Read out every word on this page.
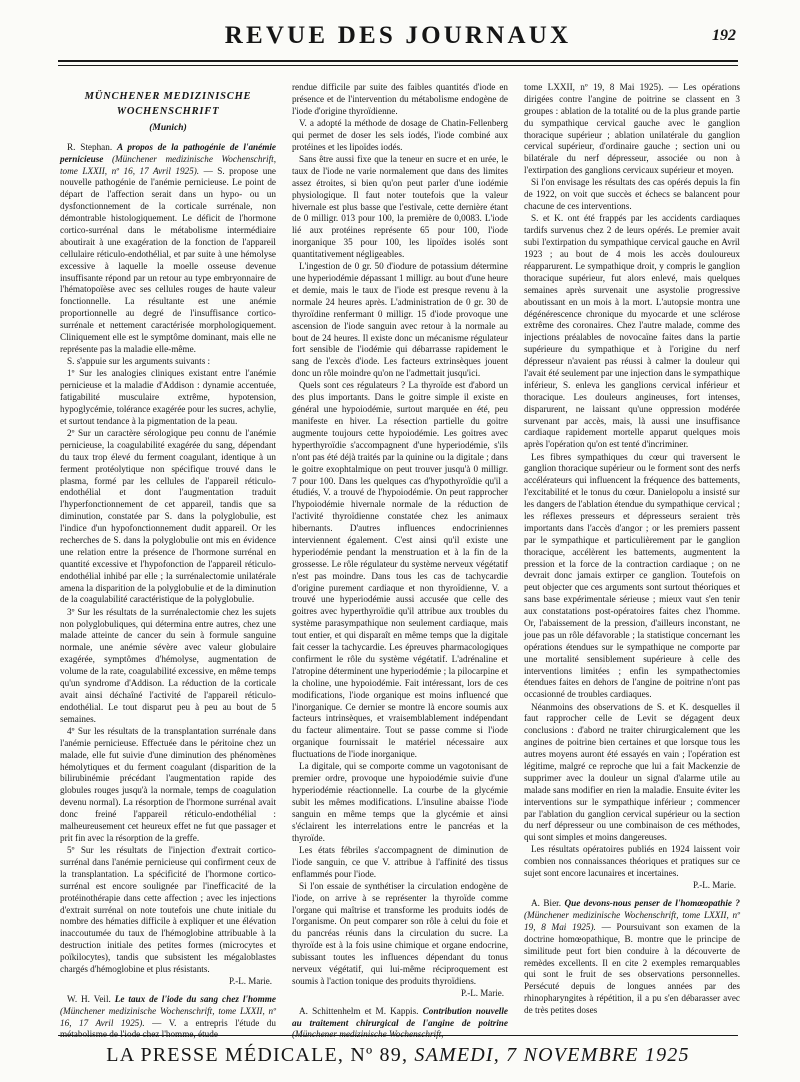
REVUE DES JOURNAUX	192
MÜNCHENER MEDIZINISCHE WOCHENSCHRIFT
(Munich)

R. Stephan. A propos de la pathogénie de l'anémie pernicieuse (Münchener medizinische Wochenschrift, tome LXXII, nº 16, 17 Avril 1925). — S. propose une nouvelle pathogénie de l'anémie pernicieuse. Le point de départ de l'affection serait dans un hypo- ou un dysfonctionnement de la corticale surrénale, non démontrable histologiquement. Le déficit de l'hormone cortico-surrénal dans le métabolisme intermédiaire aboutirait à une exagération de la fonction de l'appareil cellulaire réticulo-endothélial, et par suite à une hémolyse excessive à laquelle la moelle osseuse devenue insuffisante répond par un retour au type embryonnaire de l'hématopoïèse avec ses cellules rouges de haute valeur fonctionnelle. La résultante est une anémie proportionnelle au degré de l'insuffisance cortico-surrénale et nettement caractérisée morphologiquement. Cliniquement elle est le symptôme dominant, mais elle ne représente pas la maladie elle-même.

S. s'appuie sur les arguments suivants :

1º Sur les analogies cliniques existant entre l'anémie pernicieuse et la maladie d'Addison : dynamie accentuée, fatigabilité musculaire extrême, hypotension, hypoglycémie, tolérance exagérée pour les sucres, achylie, et surtout tendance à la pigmentation de la peau.

2º Sur un caractère sérologique peu connu de l'anémie pernicieuse, la coagulabilité exagérée du sang, dépendant du taux trop élevé du ferment coagulant, identique à un ferment protéolytique non spécifique trouvé dans le plasma, formé par les cellules de l'appareil réticulo-endothélial et dont l'augmentation traduit l'hyperfonctionnement de cet appareil, tandis que sa diminution, constatée par S. dans la polyglobulie, est l'indice d'un hypofonctionnement dudit appareil. Or les recherches de S. dans la polyglobulie ont mis en évidence une relation entre la présence de l'hormone surrénal en quantité excessive et l'hypofonction de l'appareil réticulo-endothélial inhibé par elle ; la surrénalectomie unilatérale amena la disparition de la polyglobulie et de la diminution de la coagulabilité caractéristique de la polyglobulie.

3º Sur les résultats de la surrénalectomie chez les sujets non polyglobuliques, qui détermina entre autres, chez une malade atteinte de cancer du sein à formule sanguine normale, une anémie sévère avec valeur globulaire exagérée, symptômes d'hémolyse, augmentation de volume de la rate, coagulabilité excessive, en même temps qu'un syndrome d'Addison. La réduction de la corticale avait ainsi déchaîné l'activité de l'appareil réticulo-endothélial. Le tout disparut peu à peu au bout de 5 semaines.

4º Sur les résultats de la transplantation surrénale dans l'anémie pernicieuse. Effectuée dans le péritoine chez un malade, elle fut suivie d'une diminution des phénomènes hémolytiques et du ferment coagulant (disparition de la bilirubinémie précédant l'augmentation rapide des globules rouges jusqu'à la normale, temps de coagulation devenu normal). La résorption de l'hormone surrénal avait donc freiné l'appareil réticulo-endothélial : malheureusement cet heureux effet ne fut que passager et prit fin avec la résorption de la greffe.

5º Sur les résultats de l'injection d'extrait cortico-surrénal dans l'anémie pernicieuse qui confirment ceux de la transplantation. La spécificité de l'hormone cortico-surrénal est encore soulignée par l'inefficacité de la protéinothérapie dans cette affection ; avec les injections d'extrait surrénal on note toutefois une chute initiale du nombre des hématies difficile à expliquer et une élévation inaccoutumée du taux de l'hémoglobine attribuable à la destruction initiale des petites formes (microcytes et poïkilocytes), tandis que subsistent les mégaloblastes chargés d'hémoglobine et plus résistants.

P.-L. Marie.

W. H. Veil. Le taux de l'iode du sang chez l'homme (Münchener medizinische Wochenschrift, tome LXXII, nº 16, 17 Avril 1925). — V. a entrepris l'étude du métabolisme de l'iode chez l'homme, étude

rendue difficile par suite des faibles quantités d'iode en présence et de l'intervention du métabolisme endogène de l'iode d'origine thyroïdienne.

V. a adopté la méthode de dosage de Chatin-Fellenberg qui permet de doser les sels iodés, l'iode combiné aux protéines et les lipoïdes iodés.

Sans être aussi fixe que la teneur en sucre et en urée, le taux de l'iode ne varie normalement que dans des limites assez étroites, si bien qu'on peut parler d'une iodémie physiologique. Il faut noter toutefois que la valeur hivernale est plus basse que l'estivale, cette dernière étant de 0 milligr. 013 pour 100, la première de 0,0083. L'iode lié aux protéines représente 65 pour 100, l'iode inorganique 35 pour 100, les lipoïdes isolés sont quantitativement négligeables.

L'ingestion de 0 gr. 50 d'iodure de potassium détermine une hyperiodémie dépassant 1 milligr. au bout d'une heure et demie, mais le taux de l'iode est presque revenu à la normale 24 heures après. L'administration de 0 gr. 30 de thyroïdine renfermant 0 milligr. 15 d'iode provoque une ascension de l'iode sanguin avec retour à la normale au bout de 24 heures. Il existe donc un mécanisme régulateur fort sensible de l'iodémie qui débarrasse rapidement le sang de l'excès d'iode. Les facteurs extrinsèques jouent donc un rôle moindre qu'on ne l'admettait jusqu'ici.

Quels sont ces régulateurs ? La thyroïde est d'abord un des plus importants. Dans le goitre simple il existe en général une hypoiodémie, surtout marquée en été, peu manifeste en hiver. La résection partielle du goitre augmente toujours cette hypoiodémie. Les goitres avec hyperthyroïdie s'accompagnent d'une hyperiodémie, s'ils n'ont pas été déjà traités par la quinine ou la digitale ; dans le goitre exophtalmique on peut trouver jusqu'à 0 milligr. 7 pour 100. Dans les quelques cas d'hypothyroïdie qu'il a étudiés, V. a trouvé de l'hypoiodémie. On peut rapprocher l'hypoiodémie hivernale normale de la réduction de l'activité thyroïdienne constatée chez les animaux hibernants. D'autres influences endocriniennes interviennent également. C'est ainsi qu'il existe une hyperiodémie pendant la menstruation et à la fin de la grossesse. Le rôle régulateur du système nerveux végétatif n'est pas moindre. Dans tous les cas de tachycardie d'origine purement cardiaque et non thyroïdienne, V. a trouvé une hyperiodémie aussi accusée que celle des goitres avec hyperthyroïdie qu'il attribue aux troubles du système parasympathique non seulement cardiaque, mais tout entier, et qui disparaît en même temps que la digitale fait cesser la tachycardie. Les épreuves pharmacologiques confirment le rôle du système végétatif. L'adrénaline et l'atropine déterminent une hyperiodémie ; la pilocarpine et la choline, une hypoiodémie. Fait intéressant, lors de ces modifications, l'iode organique est moins influencé que l'inorganique. Ce dernier se montre là encore soumis aux facteurs intrinsèques, et vraisemblablement indépendant du facteur alimentaire. Tout se passe comme si l'iode organique fournissait le matériel nécessaire aux fluctuations de l'iode inorganique.

La digitale, qui se comporte comme un vagotonisant de premier ordre, provoque une hypoiodémie suivie d'une hyperiodémie réactionnelle. La courbe de la glycémie subit les mêmes modifications. L'insuline abaisse l'iode sanguin en même temps que la glycémie et ainsi s'éclairent les interrelations entre le pancréas et la thyroïde.

Les états fébriles s'accompagnent de diminution de l'iode sanguin, ce que V. attribue à l'affinité des tissus enflammés pour l'iode.

Si l'on essaie de synthétiser la circulation endogène de l'iode, on arrive à se représenter la thyroïde comme l'organe qui maîtrise et transforme les produits iodés de l'organisme. On peut comparer son rôle à celui du foie et du pancréas réunis dans la circulation du sucre. La thyroïde est à la fois usine chimique et organe endocrine, subissant toutes les influences dépendant du tonus nerveux végétatif, qui lui-même réciproquement est soumis à l'action tonique des produits thyroïdiens.

P.-L. Marie.

A. Schittenhelm et M. Kappis. Contribution nouvelle au traitement chirurgical de l'angine de poitrine (Münchener medizinische Wochenschrift,

tome LXXII, nº 19, 8 Mai 1925). — Les opérations dirigées contre l'angine de poitrine se classent en 3 groupes : ablation de la totalité ou de la plus grande partie du sympathique cervical gauche avec le ganglion thoracique supérieur ; ablation unilatérale du ganglion cervical supérieur, d'ordinaire gauche ; section uni ou bilatérale du nerf dépresseur, associée ou non à l'extirpation des ganglions cervicaux supérieur et moyen.

Si l'on envisage les résultats des cas opérés depuis la fin de 1922, on voit que succès et échecs se balancent pour chacune de ces interventions.

S. et K. ont été frappés par les accidents cardiaques tardifs survenus chez 2 de leurs opérés. Le premier avait subi l'extirpation du sympathique cervical gauche en Avril 1923 ; au bout de 4 mois les accès douloureux réapparurent. Le sympathique droit, y compris le ganglion thoracique supérieur, fut alors enlevé, mais quelques semaines après survenait une asystolie progressive aboutissant en un mois à la mort. L'autopsie montra une dégénérescence chronique du myocarde et une sclérose extrême des coronaires. Chez l'autre malade, comme des injections préalables de novocaïne faites dans la partie supérieure du sympathique et à l'origine du nerf dépresseur n'avaient pas réussi à calmer la douleur qui l'avait été seulement par une injection dans le sympathique inférieur, S. enleva les ganglions cervical inférieur et thoracique. Les douleurs angineuses, fort intenses, disparurent, ne laissant qu'une oppression modérée survenant par accès, mais, là aussi une insuffisance cardiaque rapidement mortelle apparut quelques mois après l'opération qu'on est tenté d'incriminer.

Les fibres sympathiques du cœur qui traversent le ganglion thoracique supérieur ou le forment sont des nerfs accélérateurs qui influencent la fréquence des battements, l'excitabilité et le tonus du cœur. Danielopolu a insisté sur les dangers de l'ablation étendue du sympathique cervical ; les réflexes presseurs et dépresseurs seraient très importants dans l'accès d'angor ; or les premiers passent par le sympathique et particulièrement par le ganglion thoracique, accélèrent les battements, augmentent la pression et la force de la contraction cardiaque ; on ne devrait donc jamais extirper ce ganglion. Toutefois on peut objecter que ces arguments sont surtout théoriques et sans base expérimentale sérieuse ; mieux vaut s'en tenir aux constatations post-opératoires faites chez l'homme. Or, l'abaissement de la pression, d'ailleurs inconstant, ne joue pas un rôle défavorable ; la statistique concernant les opérations étendues sur le sympathique ne comporte par une mortalité sensiblement supérieure à celle des interventions limitées ; enfin les sympathectomies étendues faites en dehors de l'angine de poitrine n'ont pas occasionné de troubles cardiaques.

Néanmoins des observations de S. et K. desquelles il faut rapprocher celle de Levit se dégagent deux conclusions : d'abord ne traiter chirurgicalement que les angines de poitrine bien certaines et que lorsque tous les autres moyens auront été essayés en vain ; l'opération est légitime, malgré ce reproche que lui a fait Mackenzie de supprimer avec la douleur un signal d'alarme utile au malade sans modifier en rien la maladie. Ensuite éviter les interventions sur le sympathique inférieur ; commencer par l'ablation du ganglion cervical supérieur ou la section du nerf dépresseur ou une combinaison de ces méthodes, qui sont simples et moins dangereuses.

Les résultats opératoires publiés en 1924 laissent voir combien nos connaissances théoriques et pratiques sur ce sujet sont encore lacunaires et incertaines.

P.-L. Marie.

A. Bier. Que devons-nous penser de l'homœopathie ? (Münchener medizinische Wochenschrift, tome LXXII, nº 19, 8 Mai 1925). — Poursuivant son examen de la doctrine homœopathique, B. montre que le principe de similitude peut fort bien conduire à la découverte de remèdes excellents. Il en cite 2 exemples remarquables qui sont le fruit de ses observations personnelles. Persécuté depuis de longues années par des rhinopharyngites à répétition, il a pu s'en débarasser avec de très petites doses

LA PRESSE MÉDICALE, Nº 89, SAMEDI, 7 NOVEMBRE 1925
